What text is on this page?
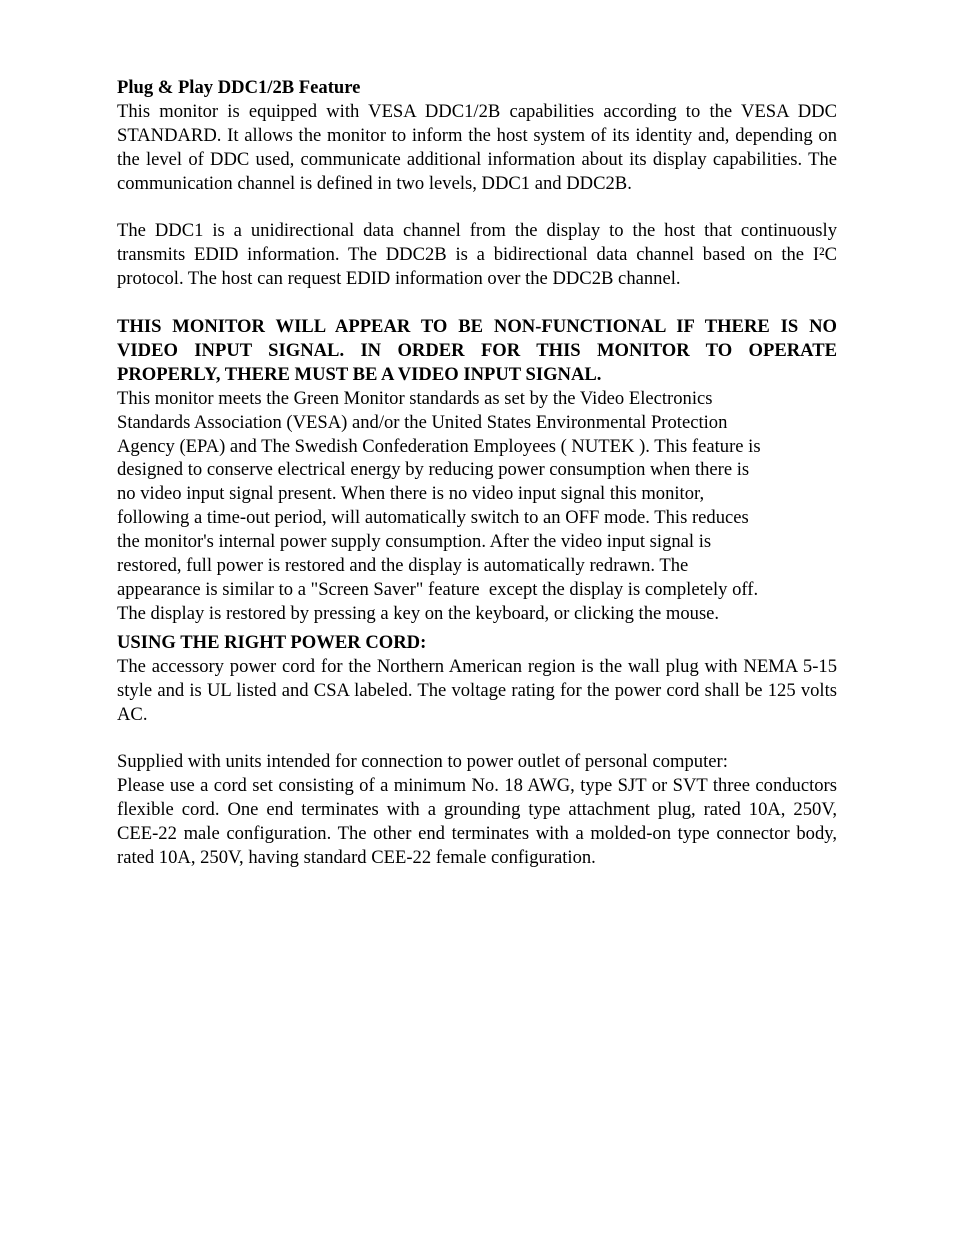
Plug & Play DDC1/2B Feature

This monitor is equipped with VESA DDC1/2B capabilities according to the VESA DDC STANDARD. It allows the monitor to inform the host system of its identity and, depending on the level of DDC used, communicate additional information about its display capabilities. The communication channel is defined in two levels, DDC1 and DDC2B.

The DDC1 is a unidirectional data channel from the display to the host that continuously transmits EDID information. The DDC2B is a bidirectional data channel based on the I²C protocol. The host can request EDID information over the DDC2B channel.

THIS MONITOR WILL APPEAR TO BE NON-FUNCTIONAL IF THERE IS NO VIDEO INPUT SIGNAL. IN ORDER FOR THIS MONITOR TO OPERATE PROPERLY, THERE MUST BE A VIDEO INPUT SIGNAL.

This monitor meets the Green Monitor standards as set by the Video Electronics
Standards Association (VESA) and/or the United States Environmental Protection
Agency (EPA) and The Swedish Confederation Employees ( NUTEK ). This feature is
designed to conserve electrical energy by reducing power consumption when there is
no video input signal present. When there is no video input signal this monitor,
following a time-out period, will automatically switch to an OFF mode. This reduces
the monitor's internal power supply consumption. After the video input signal is
restored, full power is restored and the display is automatically redrawn. The
appearance is similar to a "Screen Saver" feature  except the display is completely off.
The display is restored by pressing a key on the keyboard, or clicking the mouse.

USING THE RIGHT POWER CORD:

The accessory power cord for the Northern American region is the wall plug with NEMA 5-15 style and is UL listed and CSA labeled. The voltage rating for the power cord shall be 125 volts AC.

Supplied with units intended for connection to power outlet of personal computer:

Please use a cord set consisting of a minimum No. 18 AWG, type SJT or SVT three conductors flexible cord. One end terminates with a grounding type attachment plug, rated 10A, 250V, CEE-22 male configuration. The other end terminates with a molded-on type connector body, rated 10A, 250V, having standard CEE-22 female configuration.
